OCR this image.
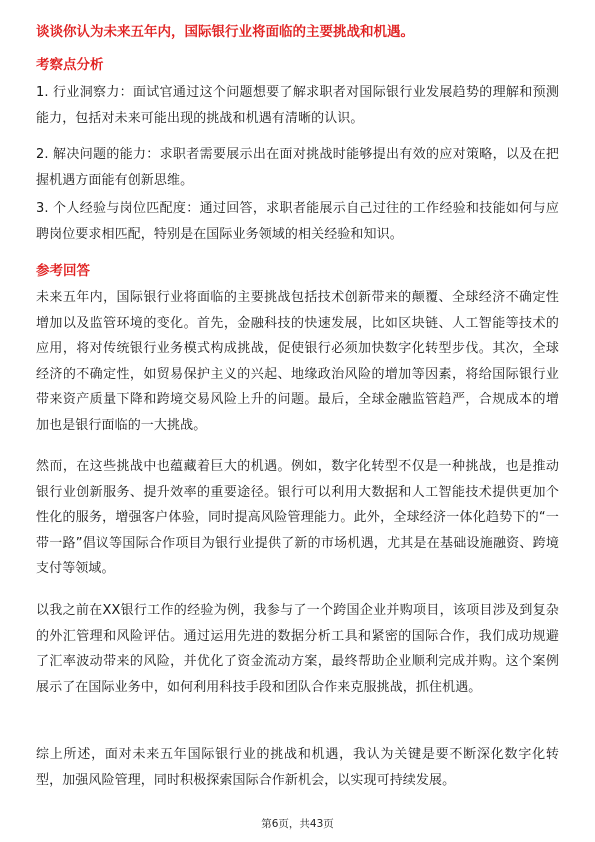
谈谈你认为未来五年内，国际银行业将面临的主要挑战和机遇。
考察点分析
1. 行业洞察力：面试官通过这个问题想要了解求职者对国际银行业发展趋势的理解和预测能力，包括对未来可能出现的挑战和机遇有清晰的认识。
2. 解决问题的能力：求职者需要展示出在面对挑战时能够提出有效的应对策略，以及在把握机遇方面能有创新思维。
3. 个人经验与岗位匹配度：通过回答，求职者能展示自己过往的工作经验和技能如何与应聘岗位要求相匹配，特别是在国际业务领域的相关经验和知识。
参考回答
未来五年内，国际银行业将面临的主要挑战包括技术创新带来的颠覆、全球经济不确定性增加以及监管环境的变化。首先，金融科技的快速发展，比如区块链、人工智能等技术的应用，将对传统银行业务模式构成挑战，促使银行必须加快数字化转型步伐。其次，全球经济的不确定性，如贸易保护主义的兴起、地缘政治风险的增加等因素，将给国际银行业带来资产质量下降和跨境交易风险上升的问题。最后，全球金融监管趋严，合规成本的增加也是银行面临的一大挑战。
然而，在这些挑战中也蕴藏着巨大的机遇。例如，数字化转型不仅是一种挑战，也是推动银行业创新服务、提升效率的重要途径。银行可以利用大数据和人工智能技术提供更加个性化的服务，增强客户体验，同时提高风险管理能力。此外，全球经济一体化趋势下的“一带一路”倡议等国际合作项目为银行业提供了新的市场机遇，尤其是在基础设施融资、跨境支付等领域。
以我之前在XX银行工作的经验为例，我参与了一个跨国企业并购项目，该项目涉及到复杂的外汇管理和风险评估。通过运用先进的数据分析工具和紧密的国际合作，我们成功规避了汇率波动带来的风险，并优化了资金流动方案，最终帮助企业顺利完成并购。这个案例展示了在国际业务中，如何利用科技手段和团队合作来克服挑战，抓住机遇。
综上所述，面对未来五年国际银行业的挑战和机遇，我认为关键是要不断深化数字化转型，加强风险管理，同时积极探索国际合作新机会，以实现可持续发展。
第6页，共43页
